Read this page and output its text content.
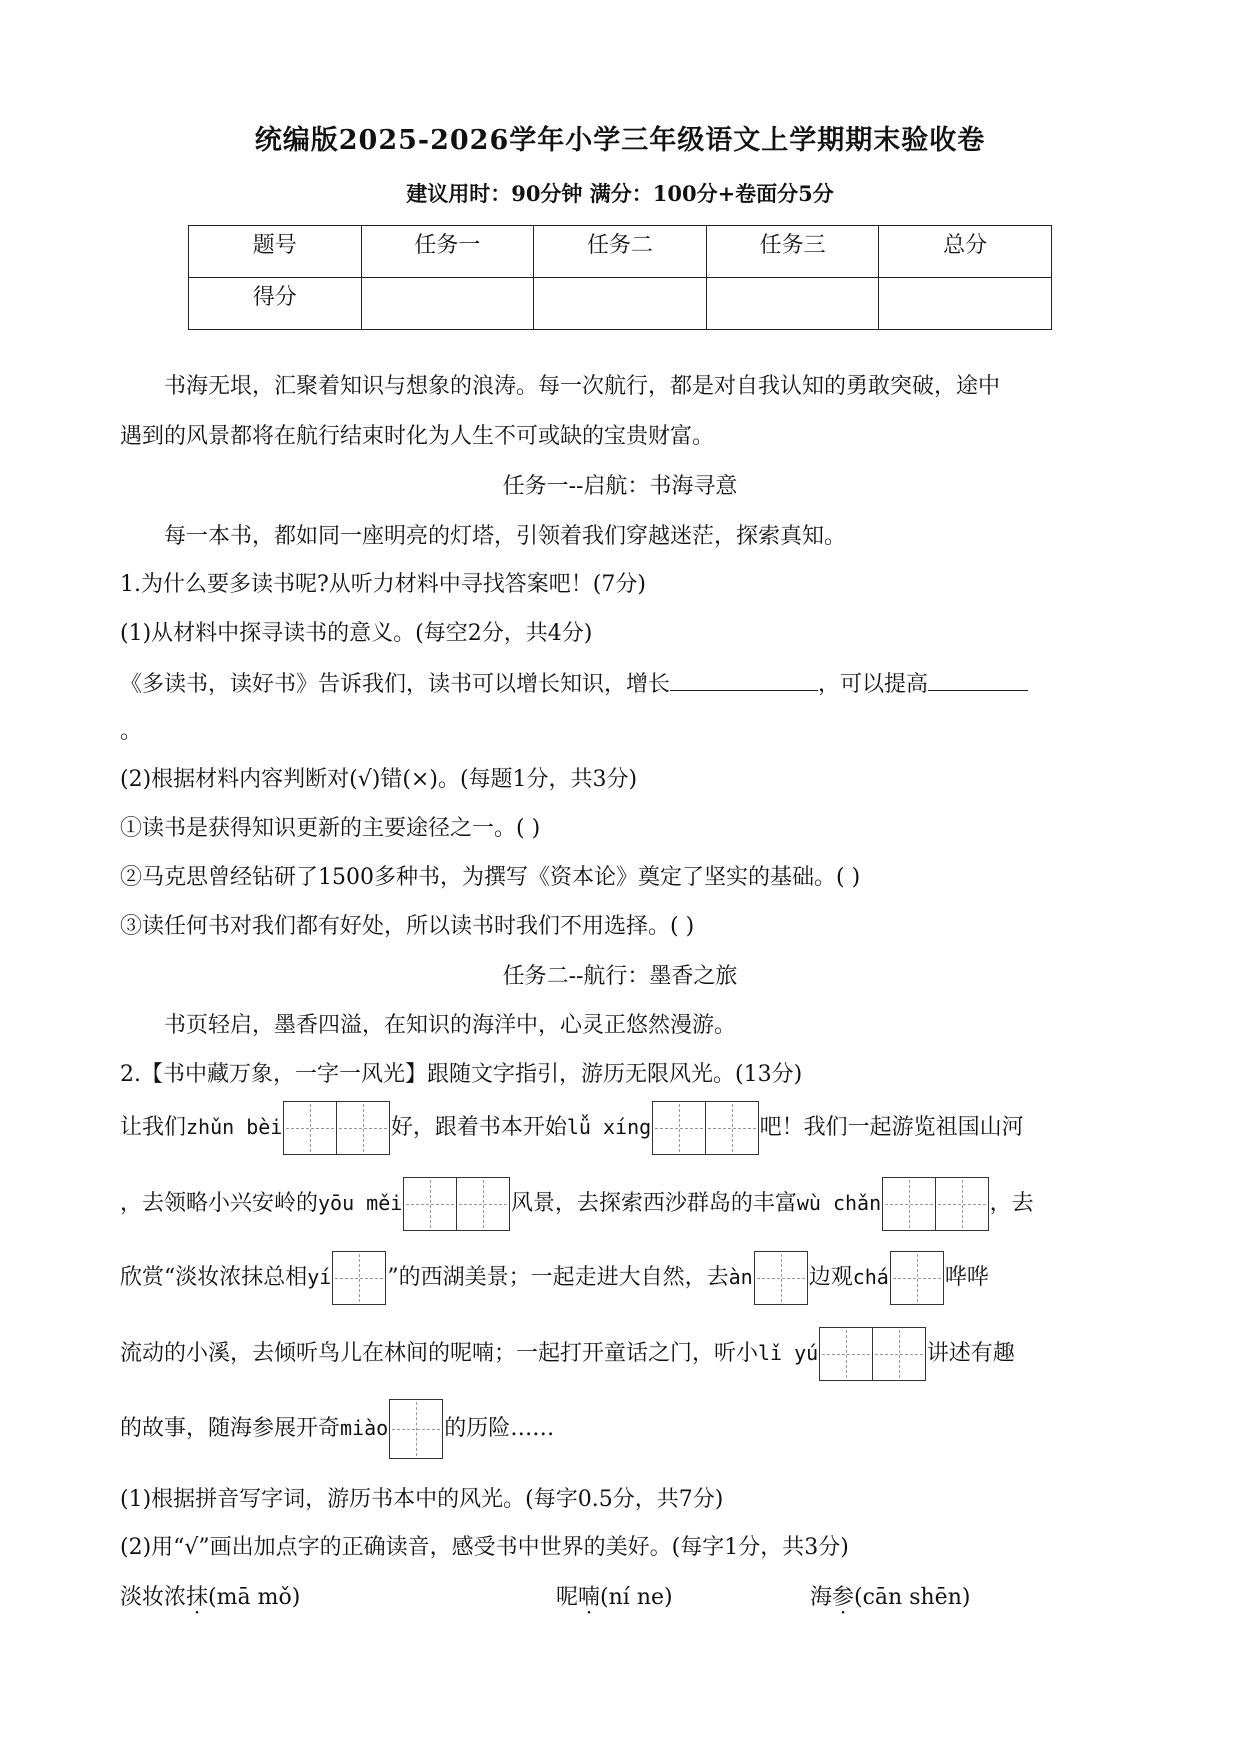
统编版2025-2026学年小学三年级语文上学期期末验收卷
建议用时：90分钟 满分：100分+卷面分5分
题号	任务一	任务二	任务三	总分
得分				
书海无垠，汇聚着知识与想象的浪涛。每一次航行，都是对自我认知的勇敢突破，途中
遇到的风景都将在航行结束时化为人生不可或缺的宝贵财富。
任务一--启航：书海寻意
每一本书，都如同一座明亮的灯塔，引领着我们穿越迷茫，探索真知。
1.为什么要多读书呢?从听力材料中寻找答案吧！(7分)
(1)从材料中探寻读书的意义。(每空2分，共4分)
《多读书，读好书》告诉我们，读书可以增长知识，增长	，可以提高
。
(2)根据材料内容判断对(√)错(×)。(每题1分，共3分)
①读书是获得知识更新的主要途径之一。( )
②马克思曾经钻研了1500多种书，为撰写《资本论》奠定了坚实的基础。( )
③读任何书对我们都有好处，所以读书时我们不用选择。( )
任务二--航行：墨香之旅
书页轻启，墨香四溢，在知识的海洋中，心灵正悠然漫游。
2.【书中藏万象，一字一风光】跟随文字指引，游历无限风光。(13分)
让我们zhǔn bèi	好，跟着书本开始lǚ xíng	吧！我们一起游览祖国山河
，去领略小兴安岭的yōu měi	风景，去探索西沙群岛的丰富wù chǎn	，去
欣赏“淡妆浓抹总相yí	”的西湖美景；一起走进大自然，去àn	边观chá	哗哗
流动的小溪，去倾听鸟儿在林间的呢喃；一起打开童话之门，听小lǐ yú	讲述有趣
的故事，随海参展开奇miào	的历险……
(1)根据拼音写字词，游历书本中的风光。(每字0.5分，共7分)
(2)用“√”画出加点字的正确读音，感受书中世界的美好。(每字1分，共3分)
淡妆浓抹(mā mǒ)	呢喃(ní ne)	海参(cān shēn)
